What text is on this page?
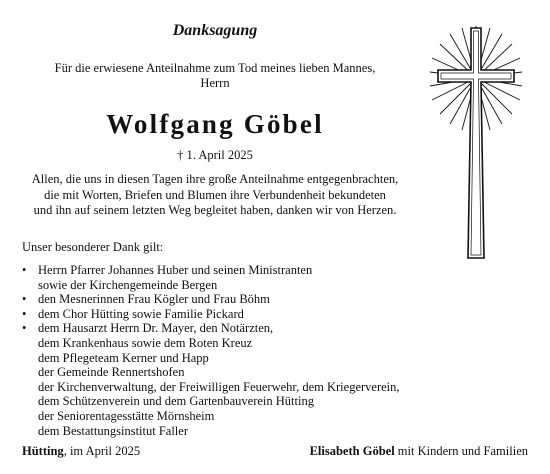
Danksagung
Für die erwiesene Anteilnahme zum Tod meines lieben Mannes,
Herrn
Wolfgang Göbel
† 1. April 2025
Allen, die uns in diesen Tagen ihre große Anteilnahme entgegenbrachten,
die mit Worten, Briefen und Blumen ihre Verbundenheit bekundeten
und ihn auf seinem letzten Weg begleitet haben, danken wir von Herzen.
Unser besonderer Dank gilt:
• Herrn Pfarrer Johannes Huber und seinen Ministranten
sowie der Kirchengemeinde Bergen
• den Mesnerinnen Frau Kögler und Frau Böhm
• dem Chor Hütting sowie Familie Pickard
• dem Hausarzt Herrn Dr. Mayer, den Notärzten,
dem Krankenhaus sowie dem Roten Kreuz
dem Pflegeteam Kerner und Happ
der Gemeinde Rennertshofen
der Kirchenverwaltung, der Freiwilligen Feuerwehr, dem Kriegerverein,
dem Schützenverein und dem Gartenbauverein Hütting
der Seniorentagesstätte Mörnsheim
dem Bestattungsinstitut Faller
Hütting, im April 2025	Elisabeth Göbel mit Kindern und Familien
